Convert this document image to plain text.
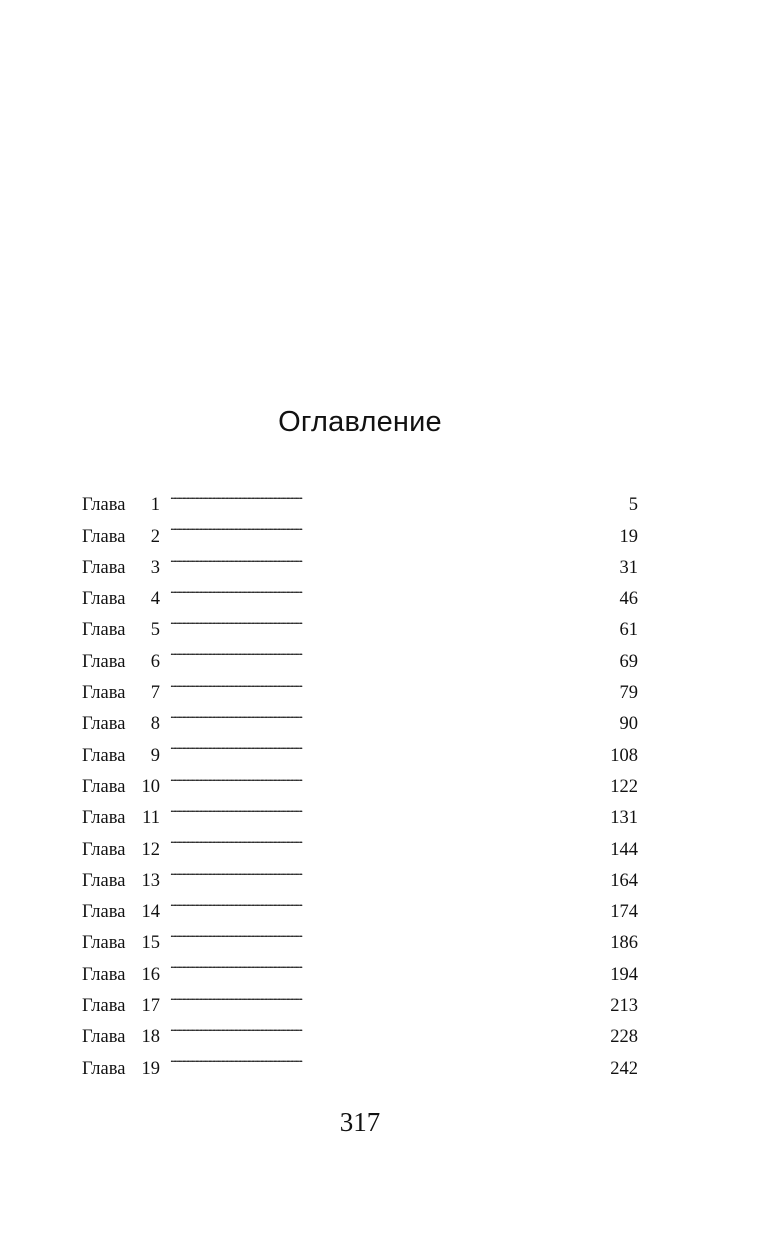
Оглавление
Глава	1 . . .	5
Глава	2 . . .	19
Глава	3 . . .	31
Глава	4 . . .	46
Глава	5 . . .	61
Глава	6 . . .	69
Глава	7 . . .	79
Глава	8 . . .	90
Глава	9 . . .	108
Глава 10 . . .	122
Глава 11 . . .	131
Глава 12 . . .	144
Глава 13 . . .	164
Глава 14 . . .	174
Глава 15 . . .	186
Глава 16 . . .	194
Глава 17 . . .	213
Глава 18 . . .	228
Глава 19 . . .	242
317
